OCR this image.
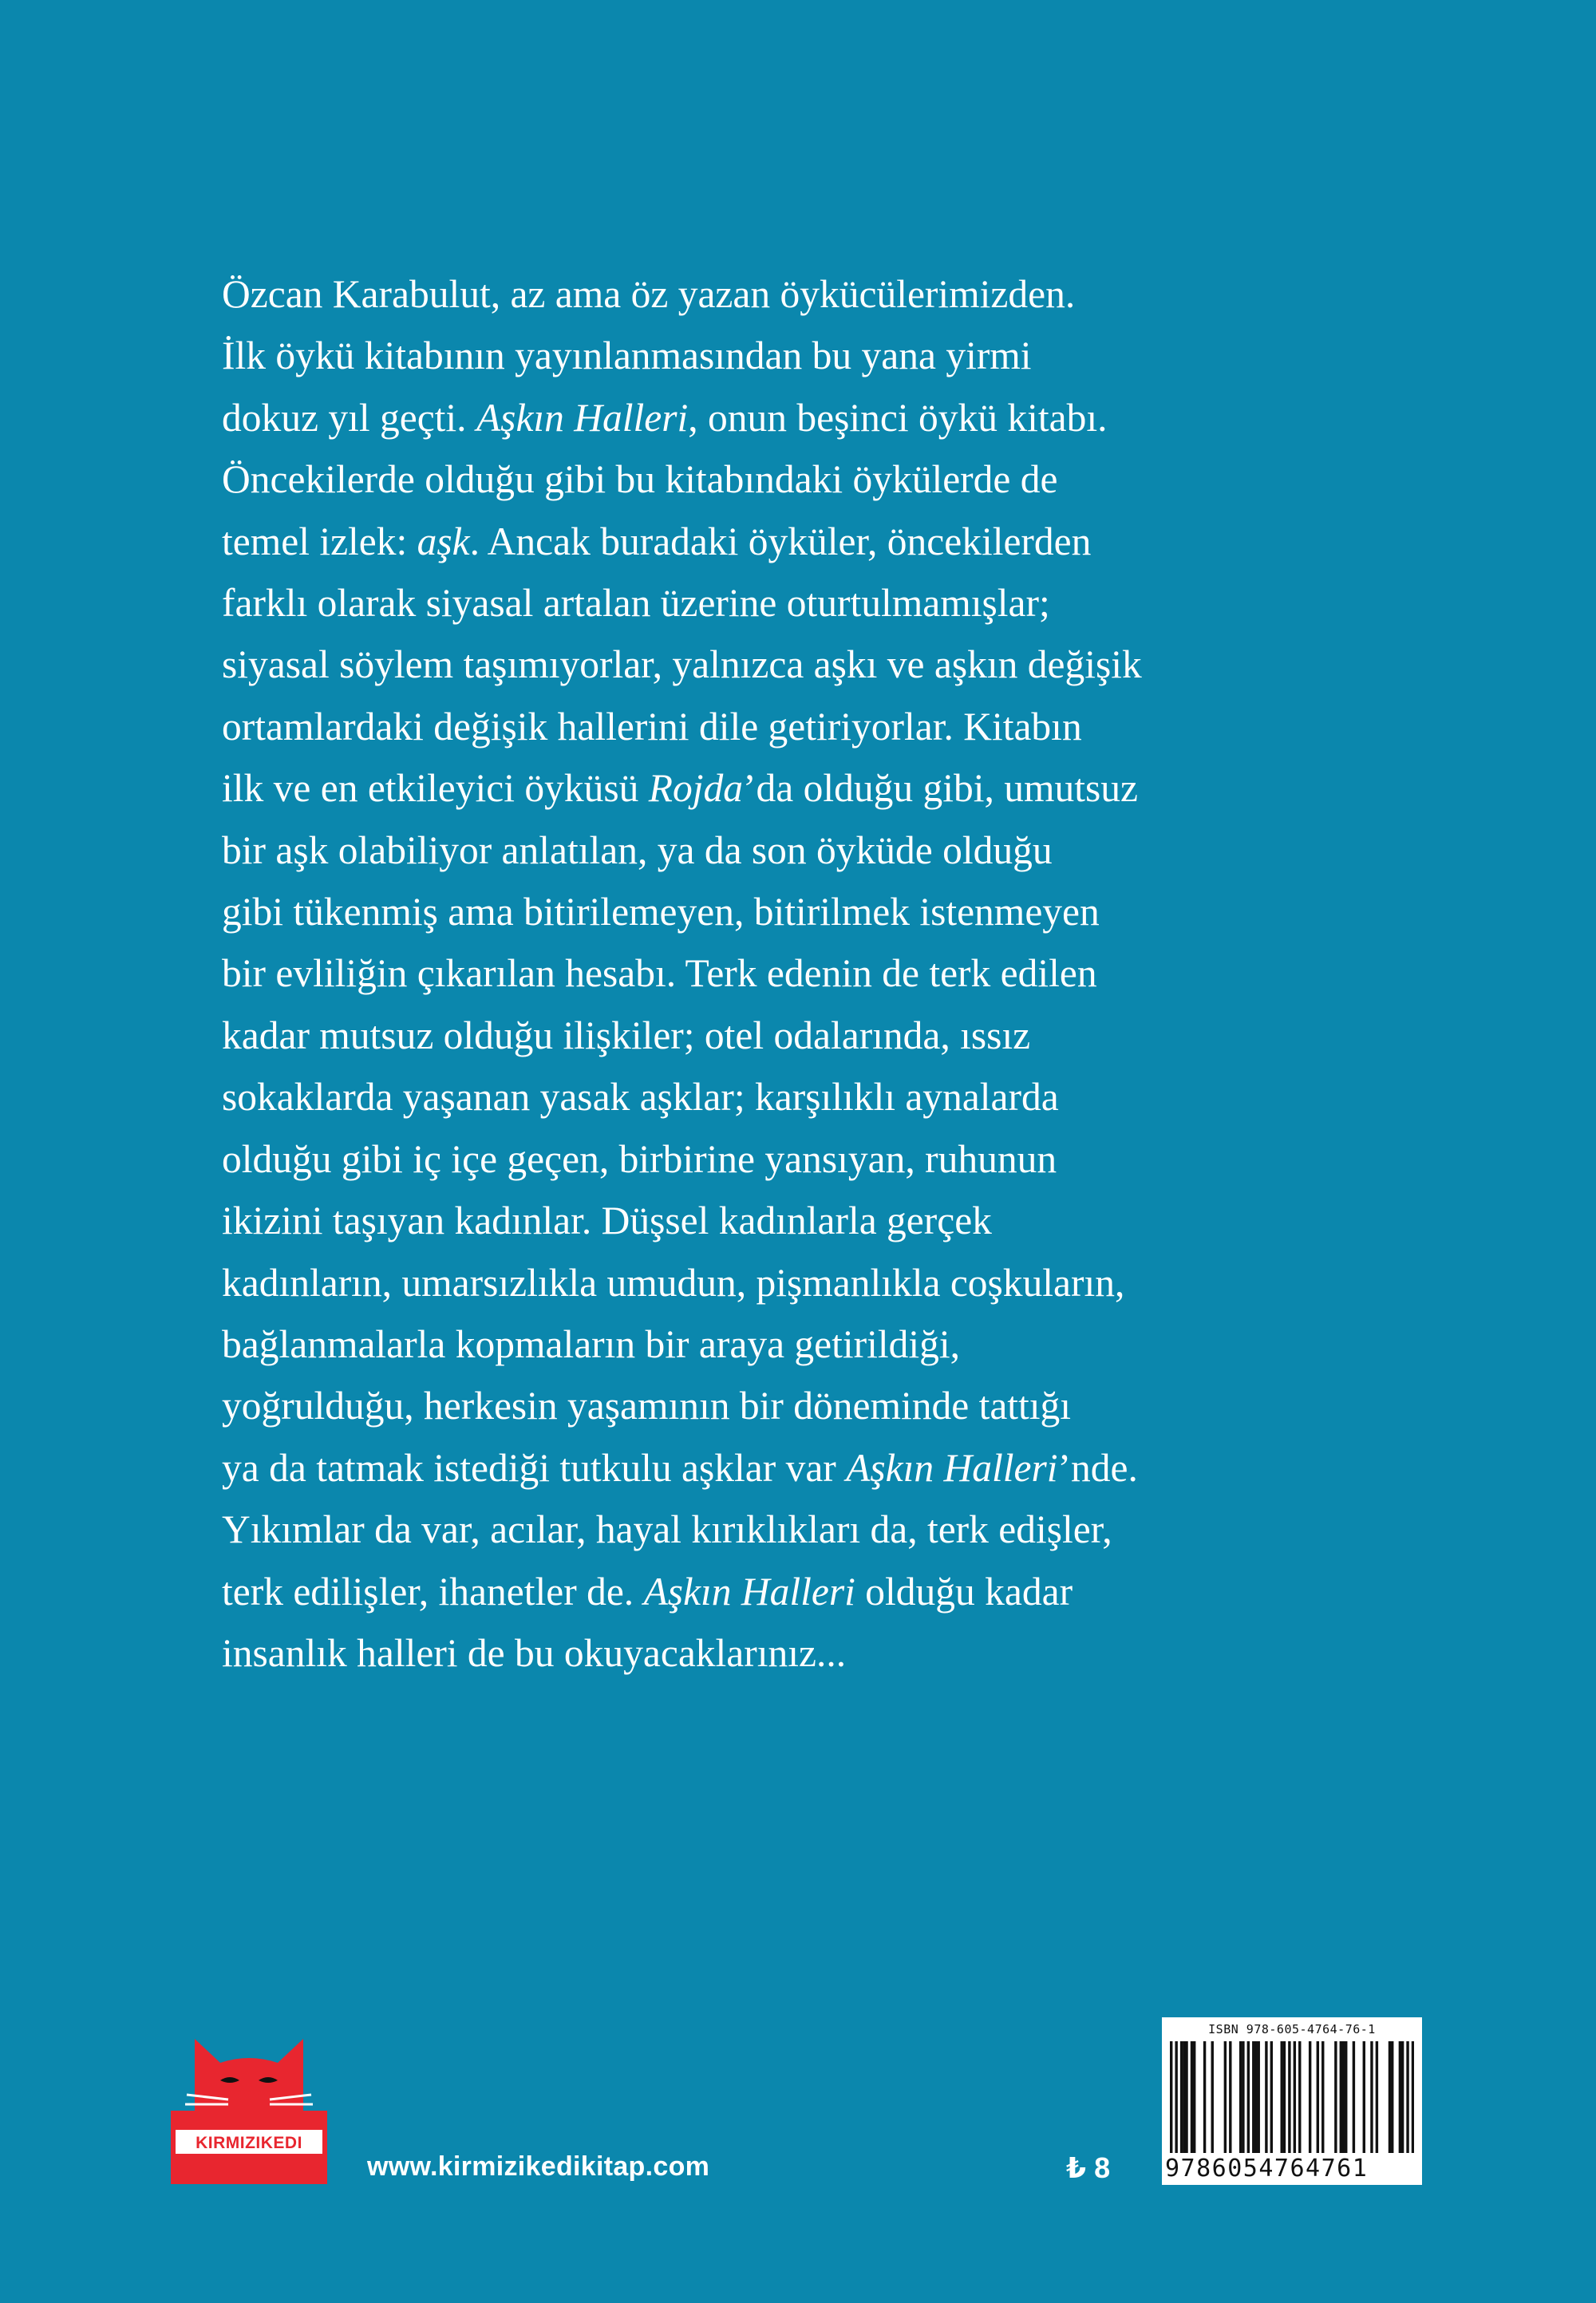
Özcan Karabulut, az ama öz yazan öykücülerimizden.
İlk öykü kitabının yayınlanmasından bu yana yirmi
dokuz yıl geçti. Aşkın Halleri, onun beşinci öykü kitabı.
Öncekilerde olduğu gibi bu kitabındaki öykülerde de
temel izlek: aşk. Ancak buradaki öyküler, öncekilerden
farklı olarak siyasal artalan üzerine oturtulmamışlar;
siyasal söylem taşımıyorlar, yalnızca aşkı ve aşkın değişik
ortamlardaki değişik hallerini dile getiriyorlar. Kitabın
ilk ve en etkileyici öyküsü Rojda’da olduğu gibi, umutsuz
bir aşk olabiliyor anlatılan, ya da son öyküde olduğu
gibi tükenmiş ama bitirilemeyen, bitirilmek istenmeyen
bir evliliğin çıkarılan hesabı. Terk edenin de terk edilen
kadar mutsuz olduğu ilişkiler; otel odalarında, ıssız
sokaklarda yaşanan yasak aşklar; karşılıklı aynalarda
olduğu gibi iç içe geçen, birbirine yansıyan, ruhunun
ikizini taşıyan kadınlar. Düşsel kadınlarla gerçek
kadınların, umarsızlıkla umudun, pişmanlıkla coşkuların,
bağlanmalarla kopmaların bir araya getirildiği,
yoğrulduğu, herkesin yaşamının bir döneminde tattığı
ya da tatmak istediği tutkulu aşklar var Aşkın Halleri’nde.
Yıkımlar da var, acılar, hayal kırıklıkları da, terk edişler,
terk edilişler, ihanetler de. Aşkın Halleri olduğu kadar
insanlık halleri de bu okuyacaklarınız...
KIRMIZIKEDI
www.kirmizikedikitap.com	₺ 8
ISBN 978-605-4764-76-1
9786054764761
